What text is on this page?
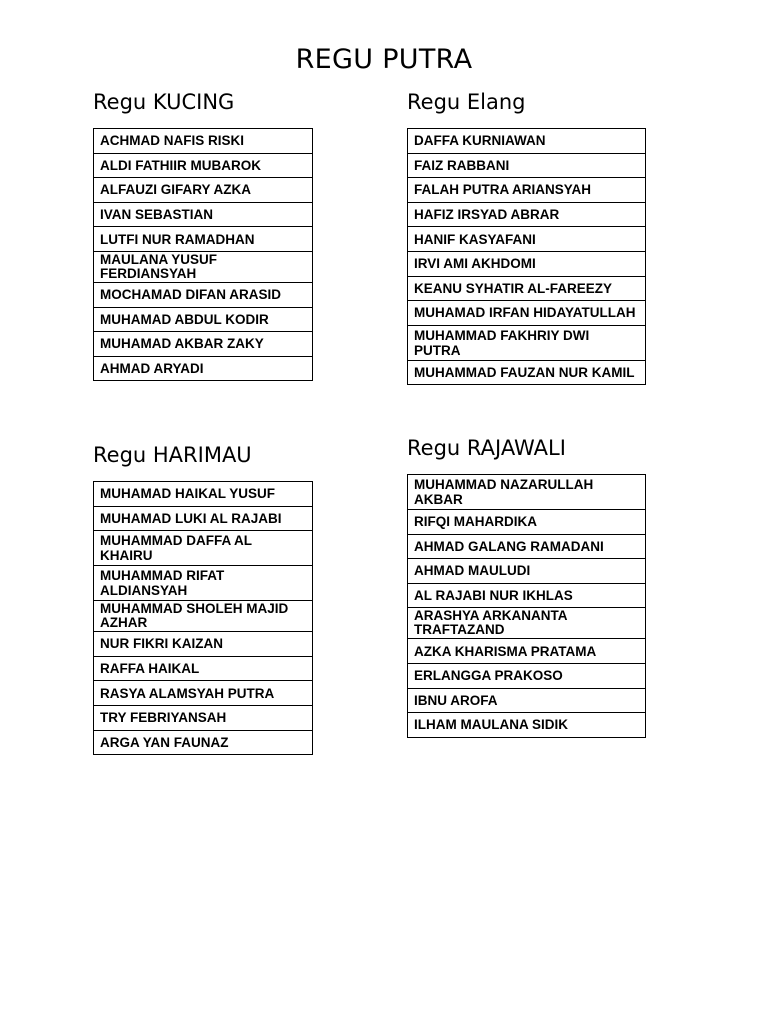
REGU PUTRA
Regu KUCING
ACHMAD NAFIS RISKI
ALDI FATHIIR MUBAROK
ALFAUZI GIFARY AZKA
IVAN SEBASTIAN
LUTFI NUR RAMADHAN
MAULANA YUSUF FERDIANSYAH
MOCHAMAD DIFAN ARASID
MUHAMAD ABDUL KODIR
MUHAMAD AKBAR ZAKY
AHMAD ARYADI
Regu Elang
DAFFA KURNIAWAN
FAIZ RABBANI
FALAH PUTRA ARIANSYAH
HAFIZ IRSYAD ABRAR
HANIF KASYAFANI
IRVI AMI AKHDOMI
KEANU SYHATIR AL-FAREEZY
MUHAMAD IRFAN HIDAYATULLAH
MUHAMMAD FAKHRIY DWI PUTRA
MUHAMMAD FAUZAN NUR KAMIL
Regu HARIMAU
MUHAMAD HAIKAL YUSUF
MUHAMAD LUKI AL RAJABI
MUHAMMAD DAFFA AL KHAIRU
MUHAMMAD RIFAT ALDIANSYAH
MUHAMMAD SHOLEH MAJID AZHAR
NUR FIKRI KAIZAN
RAFFA HAIKAL
RASYA ALAMSYAH PUTRA
TRY FEBRIYANSAH
ARGA YAN FAUNAZ
Regu RAJAWALI
MUHAMMAD NAZARULLAH AKBAR
RIFQI MAHARDIKA
AHMAD GALANG RAMADANI
AHMAD MAULUDI
AL RAJABI NUR IKHLAS
ARASHYA ARKANANTA TRAFTAZAND
AZKA KHARISMA PRATAMA
ERLANGGA PRAKOSO
IBNU AROFA
ILHAM MAULANA SIDIK
